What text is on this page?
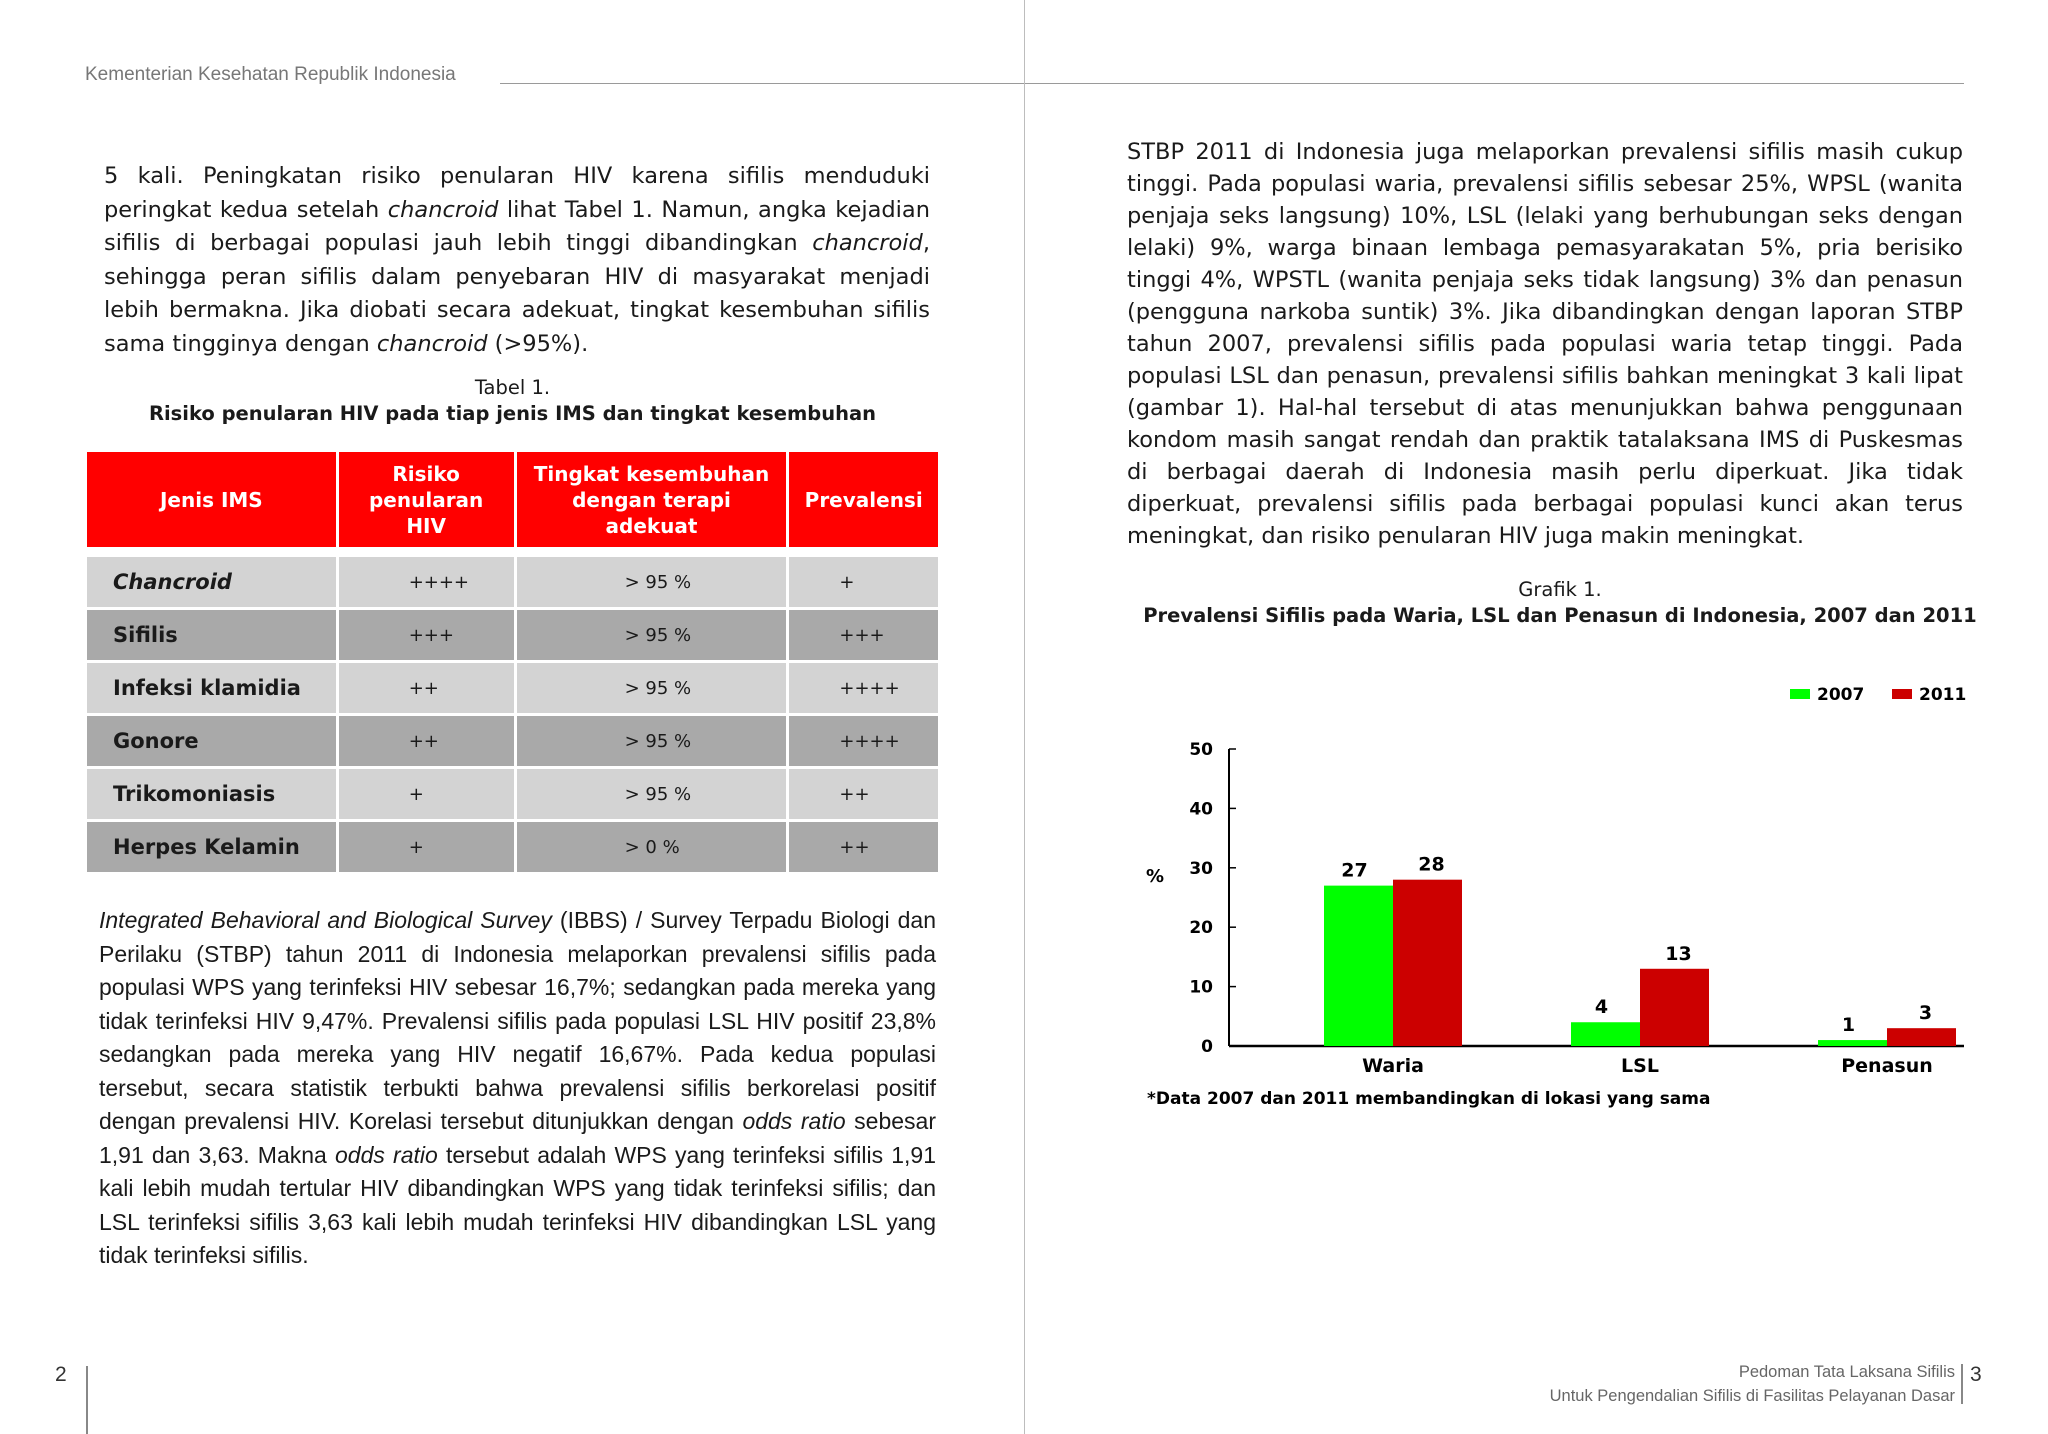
Kementerian Kesehatan Republik Indonesia
5 kali. Peningkatan risiko penularan HIV karena sifilis menduduki peringkat kedua setelah chancroid lihat Tabel 1. Namun, angka kejadian sifilis di berbagai populasi jauh lebih tinggi dibandingkan chancroid, sehingga peran sifilis dalam penyebaran HIV di masyarakat menjadi lebih bermakna. Jika diobati secara adekuat, tingkat kesembuhan sifilis sama tingginya dengan chancroid (>95%).
Tabel 1.
Risiko penularan HIV pada tiap jenis IMS dan tingkat kesembuhan
Jenis IMS	Risiko penularan HIV	Tingkat kesembuhan dengan terapi adekuat	Prevalensi

Chancroid	++++	> 95 %	+
Sifilis	+++	> 95 %	+++
Infeksi klamidia	++	> 95 %	++++
Gonore	++	> 95 %	++++
Trikomoniasis	+	> 95 %	++
Herpes Kelamin	+	> 0 %	++
Integrated Behavioral and Biological Survey (IBBS) / Survey Terpadu Biologi dan Perilaku (STBP) tahun 2011 di Indonesia melaporkan prevalensi sifilis pada populasi WPS yang terinfeksi HIV sebesar 16,7%; sedangkan pada mereka yang tidak terinfeksi HIV 9,47%. Prevalensi sifilis pada populasi LSL HIV positif 23,8% sedangkan pada mereka yang HIV negatif 16,67%. Pada kedua populasi tersebut, secara statistik terbukti bahwa prevalensi sifilis berkorelasi positif dengan prevalensi HIV. Korelasi tersebut ditunjukkan dengan odds ratio sebesar 1,91 dan 3,63. Makna odds ratio tersebut adalah WPS yang terinfeksi sifilis 1,91 kali lebih mudah tertular HIV dibandingkan WPS yang tidak terinfeksi sifilis; dan LSL terinfeksi sifilis 3,63 kali lebih mudah terinfeksi HIV dibandingkan LSL yang tidak terinfeksi sifilis.
2
STBP 2011 di Indonesia juga melaporkan prevalensi sifilis masih cukup tinggi. Pada populasi waria, prevalensi sifilis sebesar 25%, WPSL (wanita penjaja seks langsung) 10%, LSL (lelaki yang berhubungan seks dengan lelaki) 9%, warga binaan lembaga pemasyarakatan 5%, pria berisiko tinggi 4%, WPSTL (wanita penjaja seks tidak langsung) 3% dan penasun (pengguna narkoba suntik) 3%. Jika dibandingkan dengan laporan STBP tahun 2007, prevalensi sifilis pada populasi waria tetap tinggi. Pada populasi LSL dan penasun, prevalensi sifilis bahkan meningkat 3 kali lipat (gambar 1). Hal-hal tersebut di atas menunjukkan bahwa penggunaan kondom masih sangat rendah dan praktik tatalaksana IMS di Puskesmas di berbagai daerah di Indonesia masih perlu diperkuat. Jika tidak diperkuat, prevalensi sifilis pada berbagai populasi kunci akan terus meningkat, dan risiko penularan HIV juga makin meningkat.
Grafik 1.
Prevalensi Sifilis pada Waria, LSL dan Penasun di Indonesia, 2007 dan 2011
0
10
20
30
40
50
%	27	28
Waria
4
13
LSL
1
3
Penasun
2007	2011
*Data 2007 dan 2011 membandingkan di lokasi yang sama
Pedoman Tata Laksana Sifilis
Untuk Pengendalian Sifilis di Fasilitas Pelayanan Dasar
3
